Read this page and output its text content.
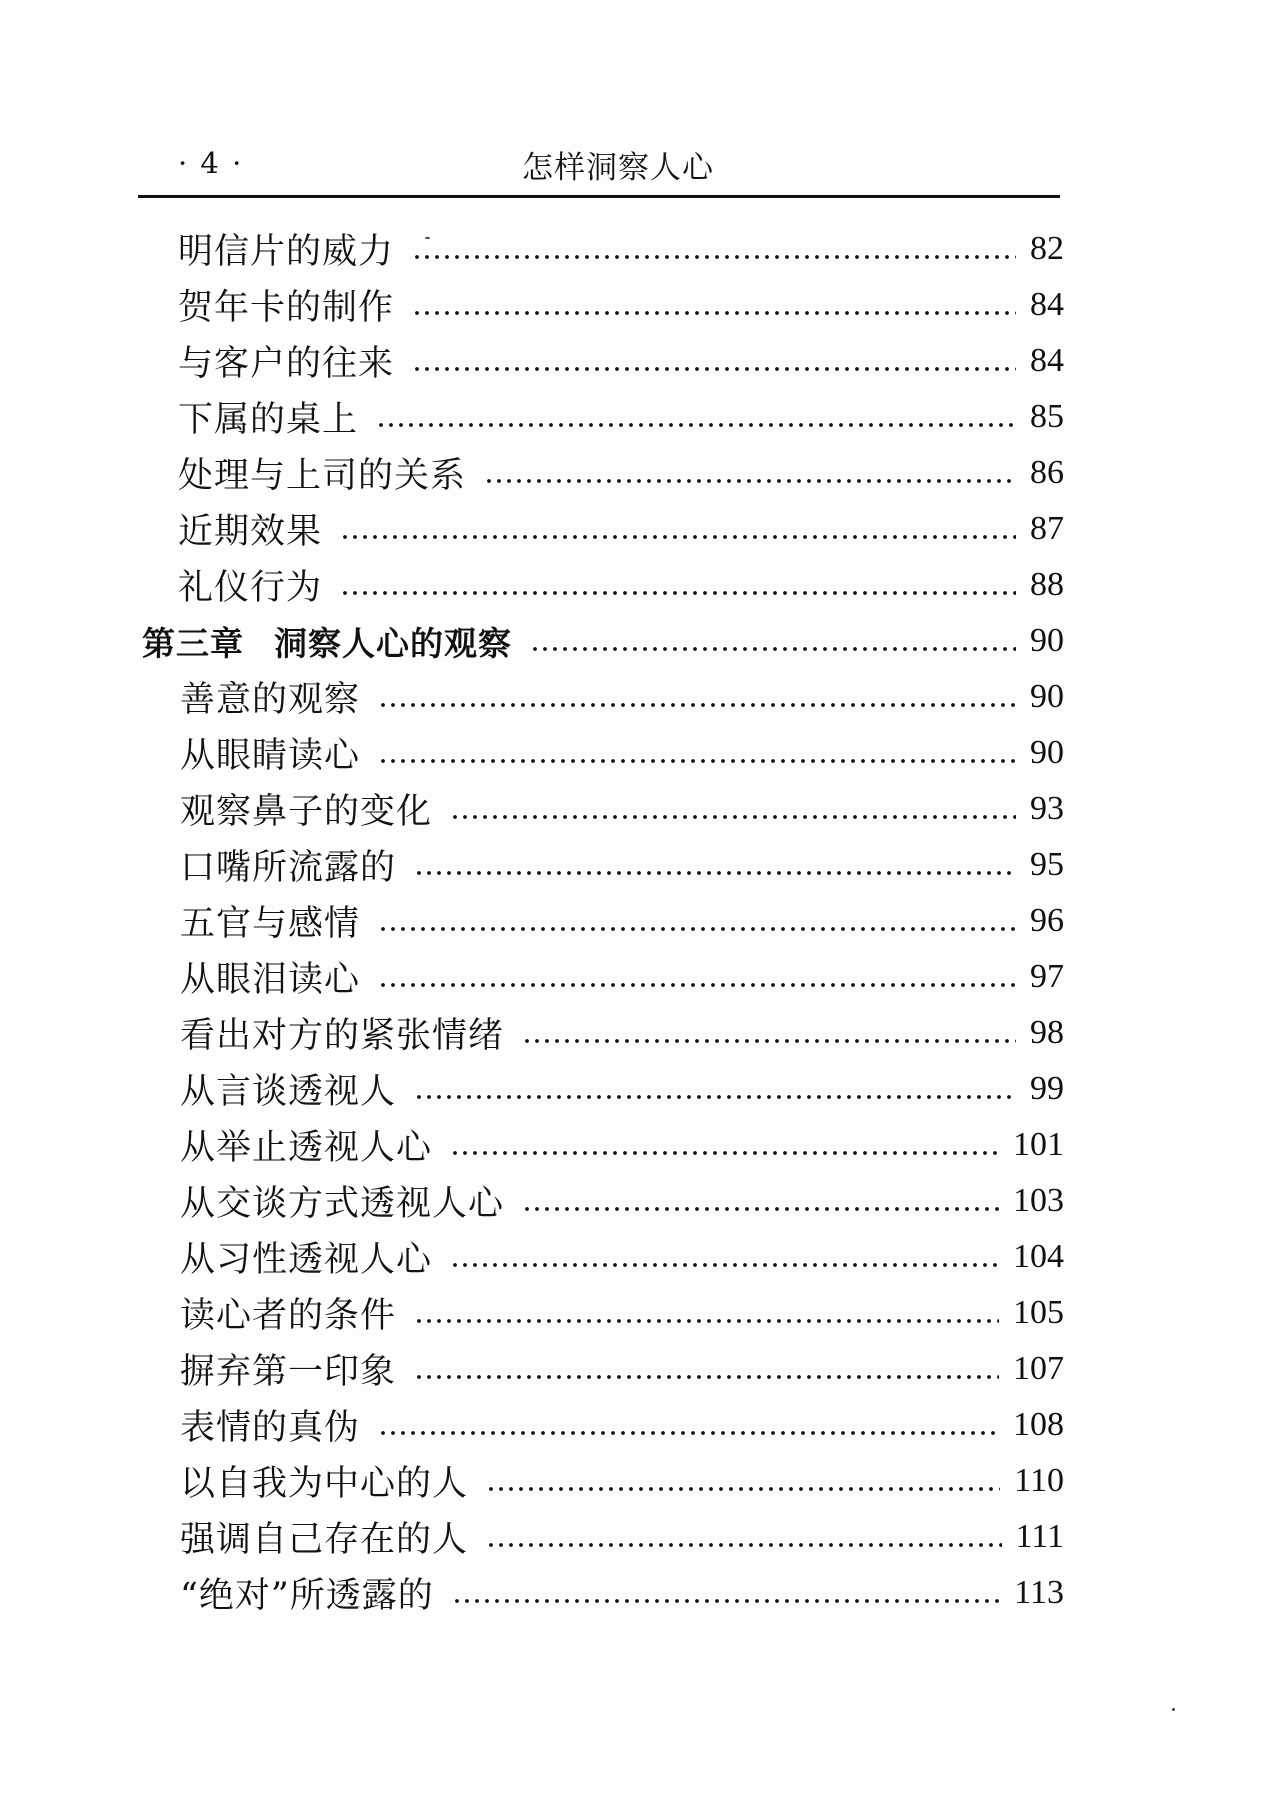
· 4 ·	怎样洞察人心
明信片的威力	82
贺年卡的制作	84
与客户的往来	84
下属的桌上	85
处理与上司的关系	86
近期效果	87
礼仪行为	88
第三章 洞察人心的观察	90
善意的观察	90
从眼睛读心	90
观察鼻子的变化	93
口嘴所流露的	95
五官与感情	96
从眼泪读心	97
看出对方的紧张情绪	98
从言谈透视人	99
从举止透视人心	101
从交谈方式透视人心	103
从习性透视人心	104
读心者的条件	105
摒弃第一印象	107
表情的真伪	108
以自我为中心的人	110
强调自己存在的人	111
“绝对”所透露的	113
